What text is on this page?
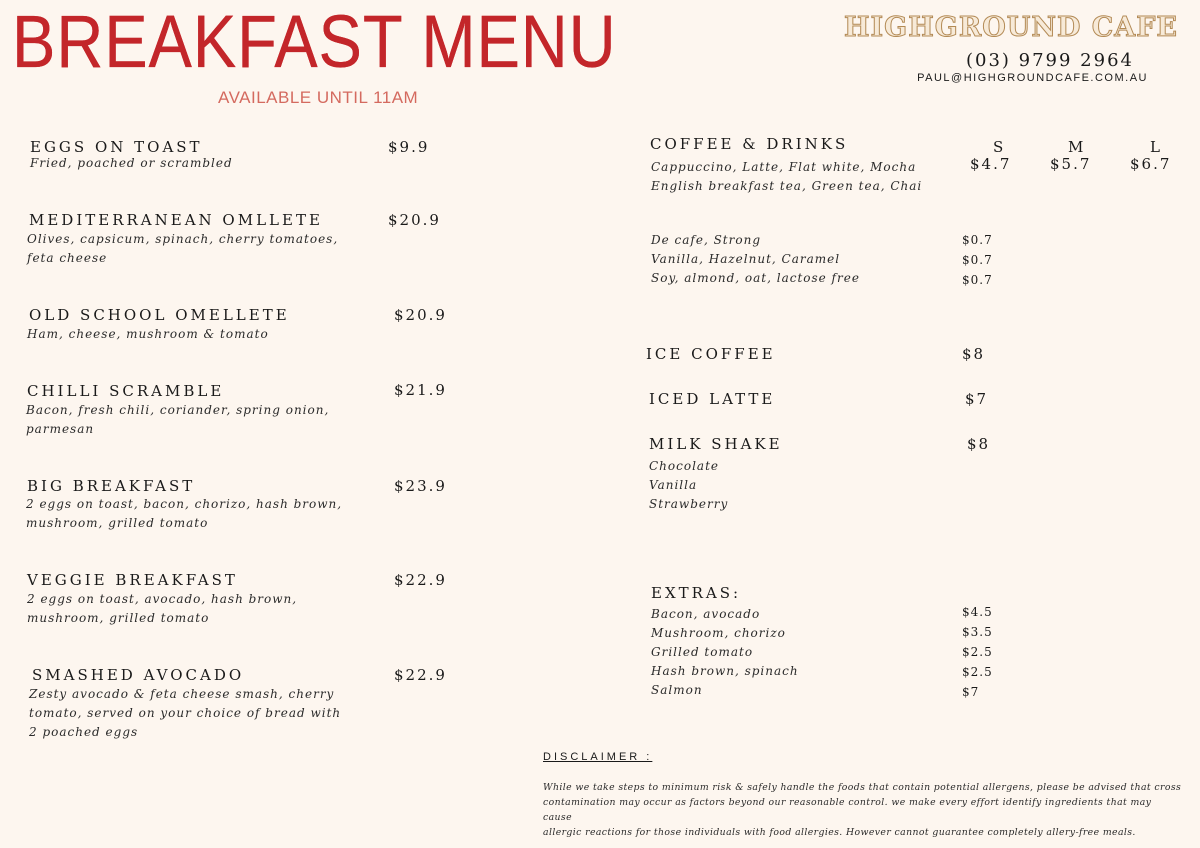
BREAKFAST MENU
AVAILABLE UNTIL 11AM
HIGHGROUND CAFE
(03) 9799 2964
PAUL@HIGHGROUNDCAFE.COM.AU
EGGS ON TOAST	$9.9
Fried, poached or scrambled
MEDITERRANEAN OMLLETE	$20.9
Olives, capsicum, spinach, cherry tomatoes,
feta cheese
OLD SCHOOL OMELLETE	$20.9
Ham, cheese, mushroom & tomato
CHILLI SCRAMBLE	$21.9
Bacon, fresh chili, coriander, spring onion,
parmesan
BIG BREAKFAST	$23.9
2 eggs on toast, bacon, chorizo, hash brown,
mushroom, grilled tomato
VEGGIE BREAKFAST	$22.9
2 eggs on toast, avocado, hash brown,
mushroom, grilled tomato
SMASHED AVOCADO	$22.9
Zesty avocado & feta cheese smash, cherry
tomato, served on your choice of bread with
2 poached eggs
COFFEE & DRINKS	S	M	L
$4.7	$5.7	$6.7
Cappuccino, Latte, Flat white, Mocha
English breakfast tea, Green tea, Chai
De cafe, Strong	$0.7
Vanilla, Hazelnut, Caramel	$0.7
Soy, almond, oat, lactose free	$0.7
ICE COFFEE	$8
ICED LATTE	$7
MILK SHAKE	$8
Chocolate
Vanilla
Strawberry
EXTRAS:
Bacon, avocado	$4.5
Mushroom, chorizo	$3.5
Grilled tomato	$2.5
Hash brown, spinach	$2.5
Salmon	$7
DISCLAIMER :
While we take steps to minimum risk & safely handle the foods that contain potential allergens, please be advised that cross
contamination may occur as factors beyond our reasonable control. we make every effort identify ingredients that may cause
allergic reactions for those individuals with food allergies. However cannot guarantee completely allery-free meals.
